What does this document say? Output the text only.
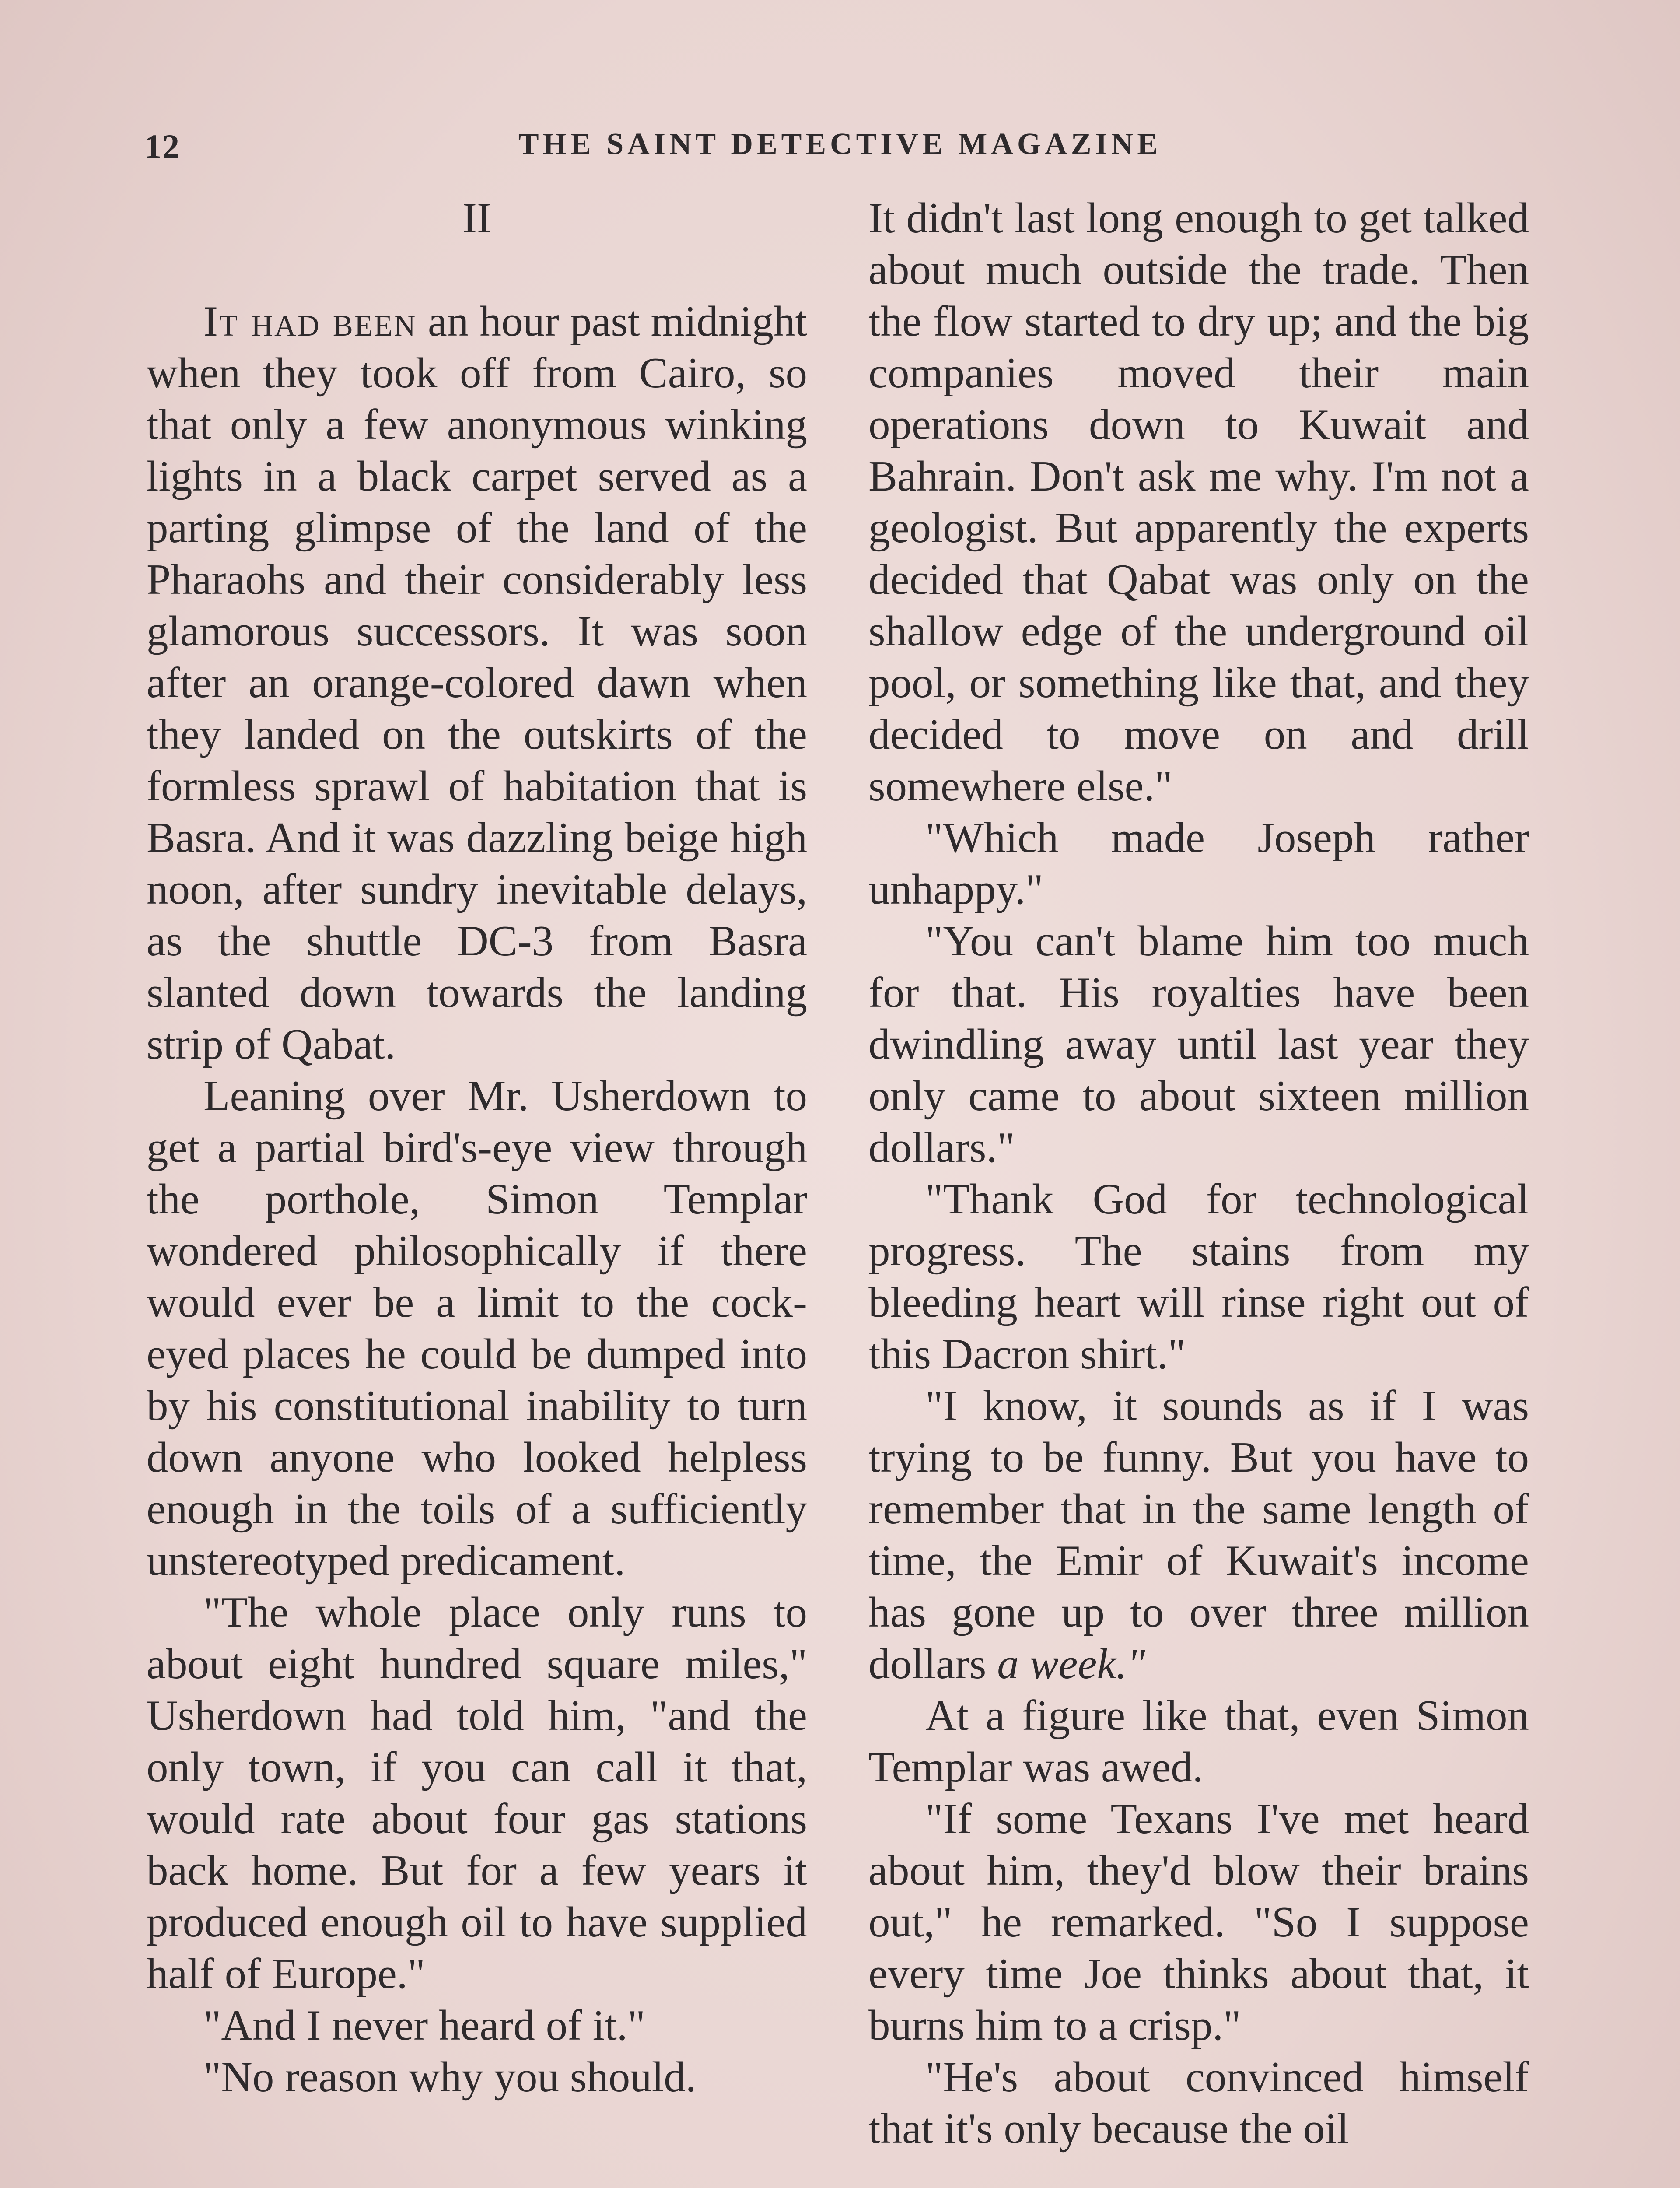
12	THE SAINT DETECTIVE MAGAZINE
II

It had been an hour past midnight when they took off from Cairo, so that only a few anonymous winking lights in a black carpet served as a parting glimpse of the land of the Pharaohs and their considerably less glamorous successors. It was soon after an orange-colored dawn when they landed on the outskirts of the formless sprawl of habitation that is Basra. And it was dazzling beige high noon, after sundry inevitable delays, as the shuttle DC-3 from Basra slanted down towards the landing strip of Qabat.

Leaning over Mr. Usherdown to get a partial bird's-eye view through the porthole, Simon Templar wondered philosophically if there would ever be a limit to the cock-eyed places he could be dumped into by his constitutional inability to turn down anyone who looked helpless enough in the toils of a sufficiently unstereotyped predicament.

"The whole place only runs to about eight hundred square miles," Usherdown had told him, "and the only town, if you can call it that, would rate about four gas stations back home. But for a few years it produced enough oil to have supplied half of Europe."

"And I never heard of it."

"No reason why you should.

It didn't last long enough to get talked about much outside the trade. Then the flow started to dry up; and the big companies moved their main operations down to Kuwait and Bahrain. Don't ask me why. I'm not a geologist. But apparently the experts decided that Qabat was only on the shallow edge of the underground oil pool, or something like that, and they decided to move on and drill somewhere else."

"Which made Joseph rather unhappy."

"You can't blame him too much for that. His royalties have been dwindling away until last year they only came to about sixteen million dollars."

"Thank God for technological progress. The stains from my bleeding heart will rinse right out of this Dacron shirt."

"I know, it sounds as if I was trying to be funny. But you have to remember that in the same length of time, the Emir of Kuwait's income has gone up to over three million dollars a week."

At a figure like that, even Simon Templar was awed.

"If some Texans I've met heard about him, they'd blow their brains out," he remarked. "So I suppose every time Joe thinks about that, it burns him to a crisp."

"He's about convinced himself that it's only because the oil
